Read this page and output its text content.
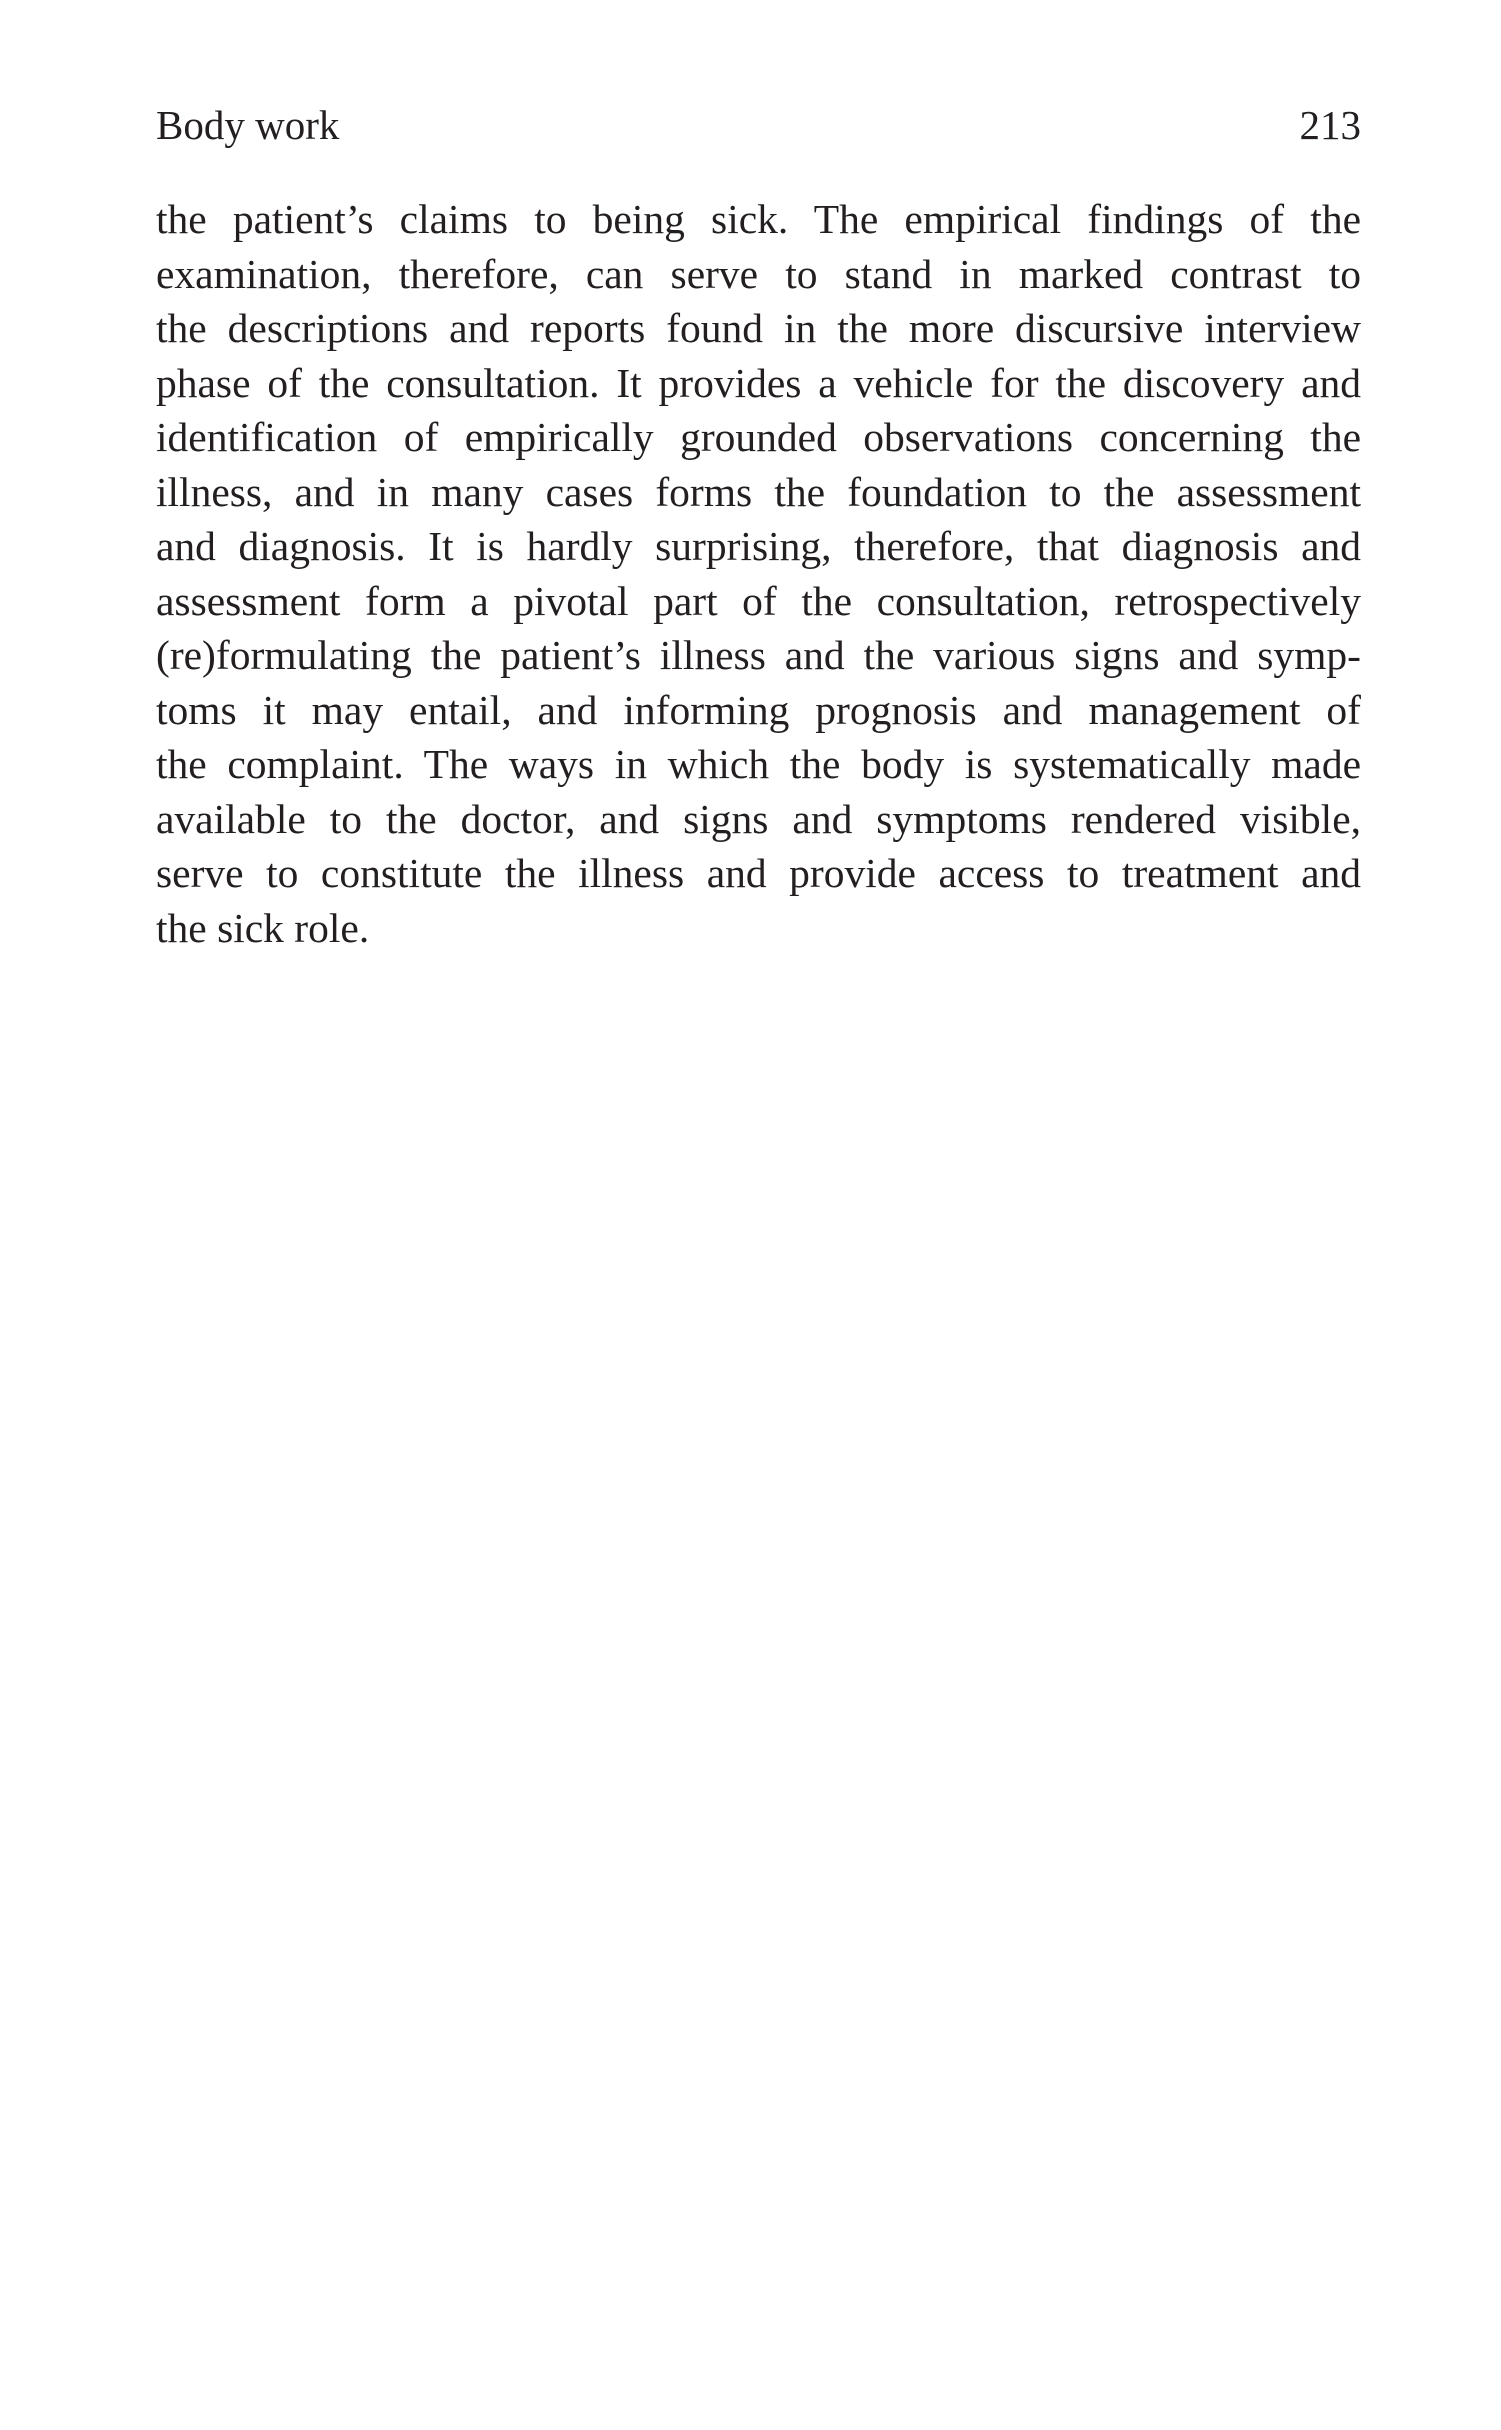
Body work	213
the patient’s claims to being sick. The empirical findings of the
examination, therefore, can serve to stand in marked contrast to
the descriptions and reports found in the more discursive interview
phase of the consultation. It provides a vehicle for the discovery and
identification of empirically grounded observations concerning the
illness, and in many cases forms the foundation to the assessment
and diagnosis. It is hardly surprising, therefore, that diagnosis and
assessment form a pivotal part of the consultation, retrospectively
(re)formulating the patient’s illness and the various signs and symp-
toms it may entail, and informing prognosis and management of
the complaint. The ways in which the body is systematically made
available to the doctor, and signs and symptoms rendered visible,
serve to constitute the illness and provide access to treatment and
the sick role.
